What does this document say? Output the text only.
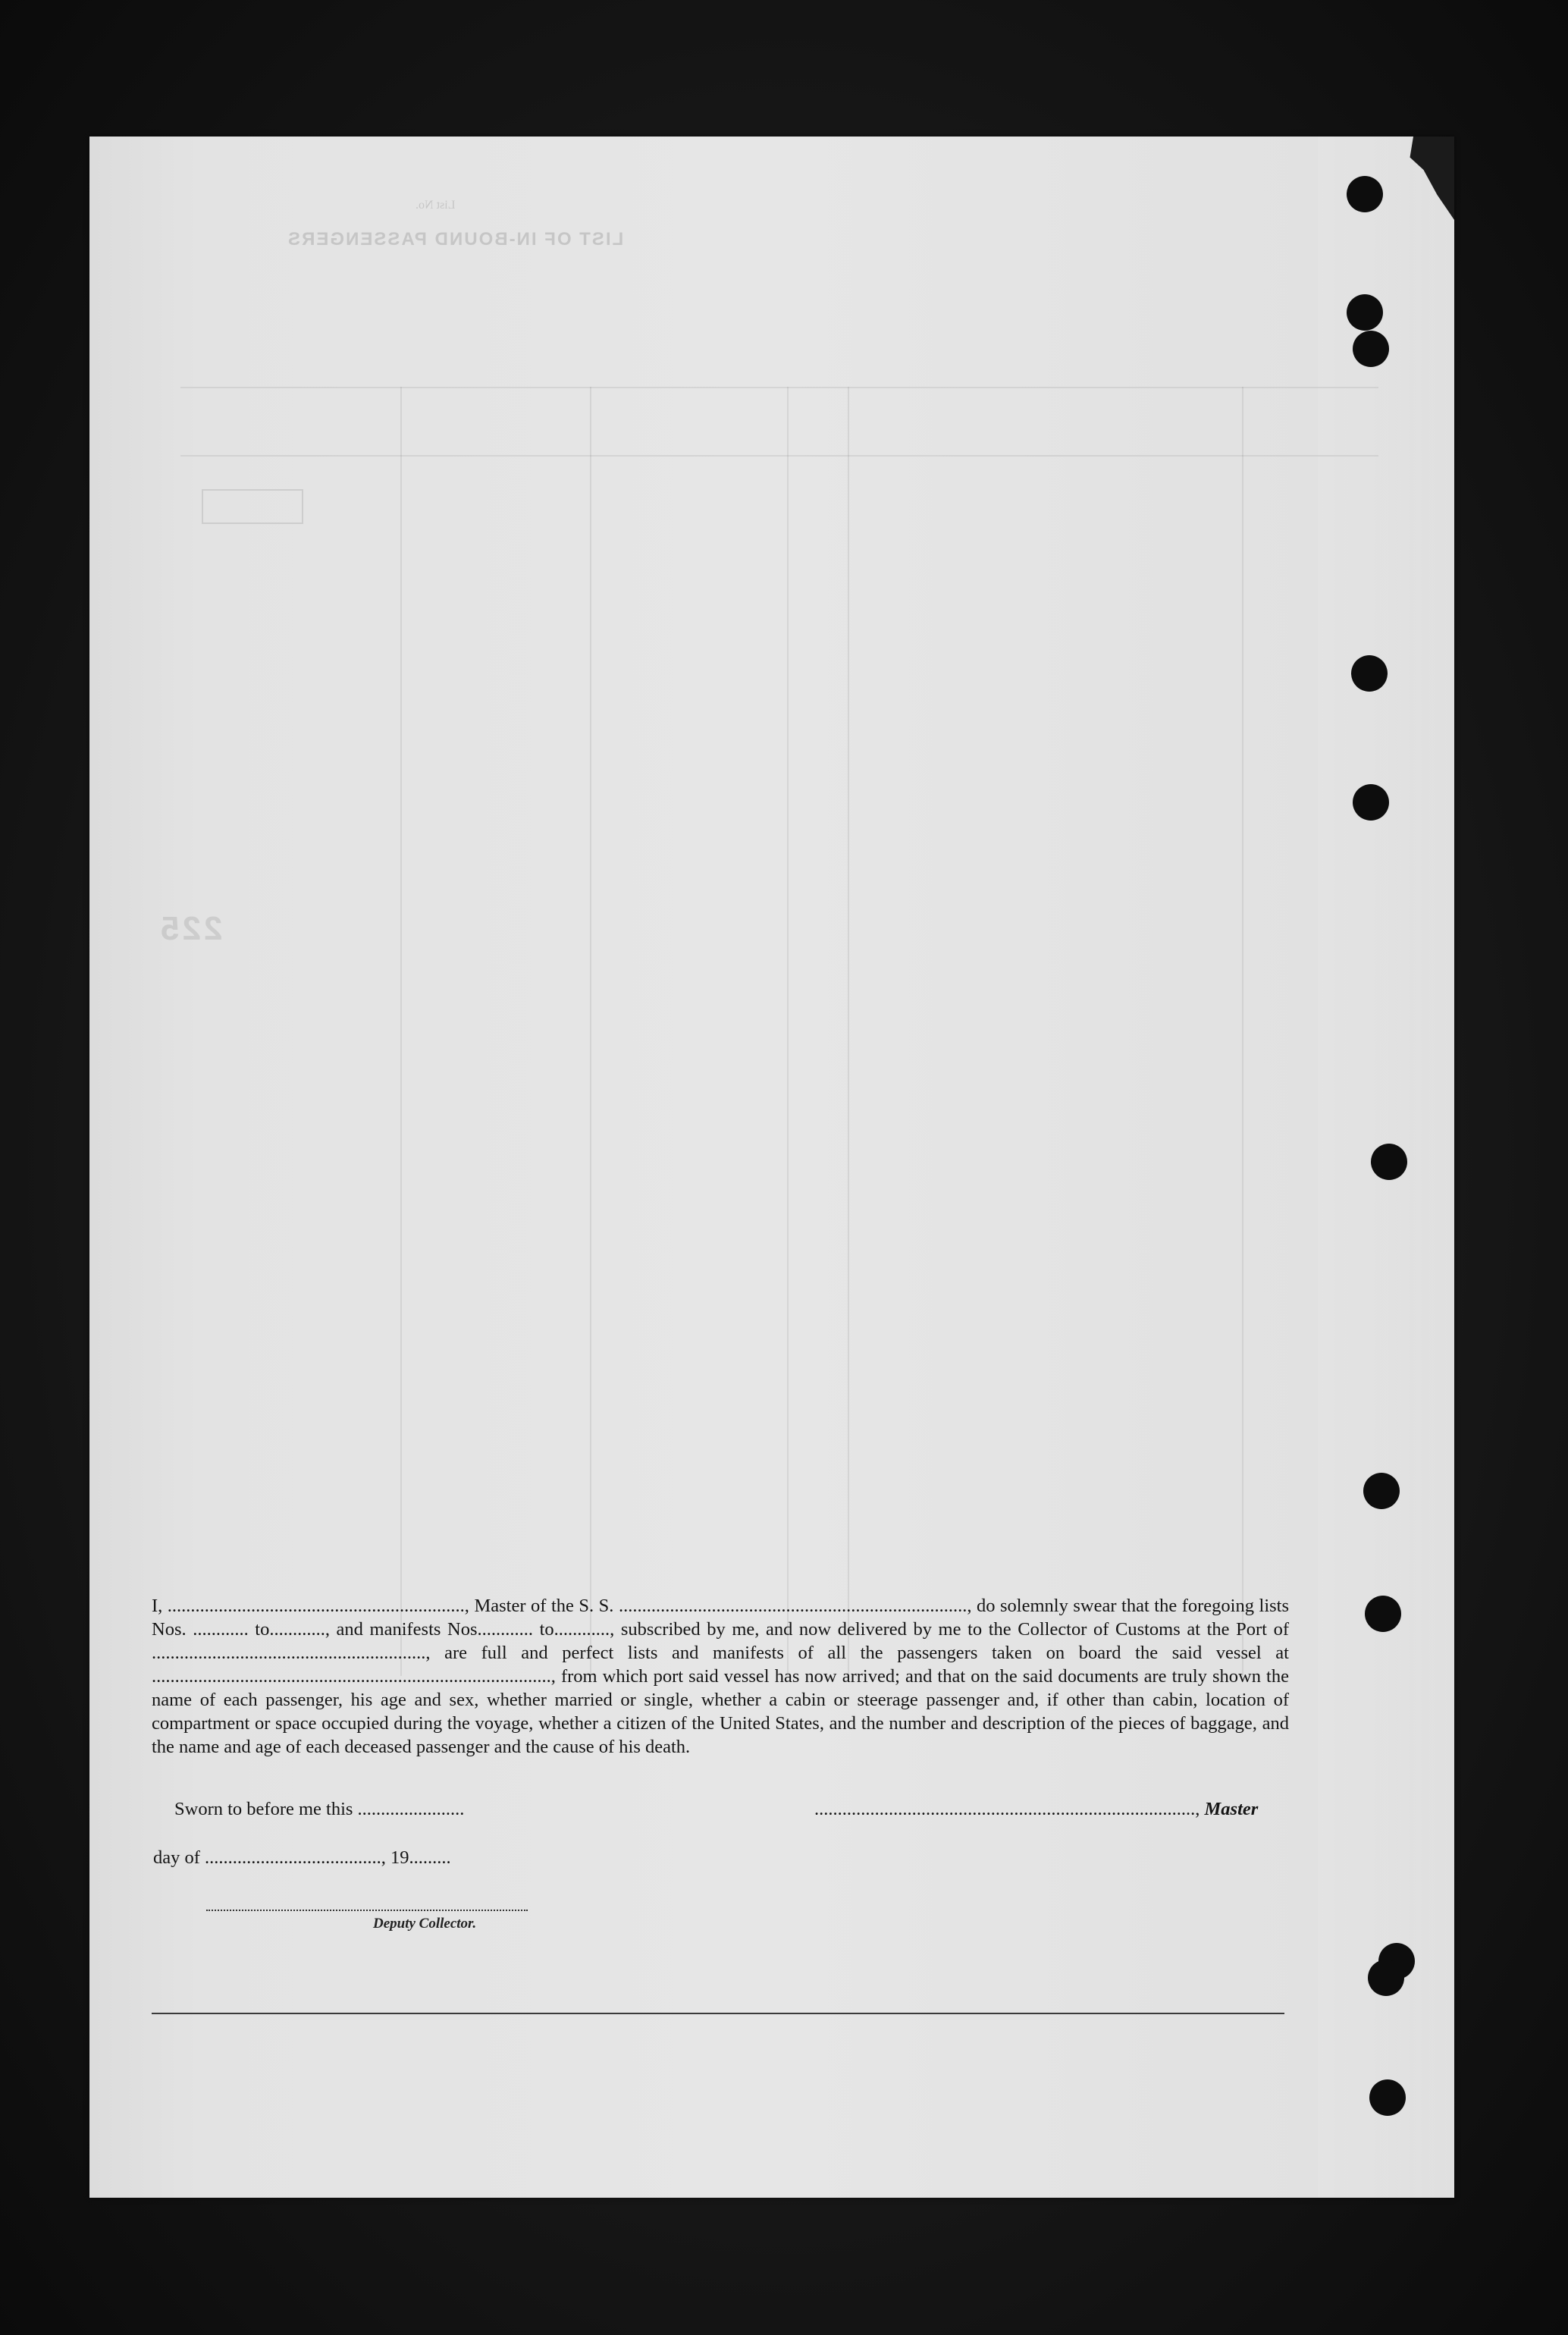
LIST OF IN-BOUND PASSENGERS
List No.
225

I, ................................................................, Master of the S. S. ..........................................................................., do solemnly swear that the foregoing lists Nos. ............ to............, and manifests Nos............ to............, subscribed by me, and now delivered by me to the Collector of Customs at the Port of ..........................................................., are full and perfect lists and manifests of all the passengers taken on board the said vessel at ......................................................................................, from which port said vessel has now arrived; and that on the said documents are truly shown the name of each passenger, his age and sex, whether married or single, whether a cabin or steerage passenger and, if other than cabin, location of compartment or space occupied during the voyage, whether a citizen of the United States, and the number and description of the pieces of baggage, and the name and age of each deceased passenger and the cause of his death.

Sworn to before me this .......................	.................................................................................., Master
day of ......................................, 19.........
Deputy Collector.
